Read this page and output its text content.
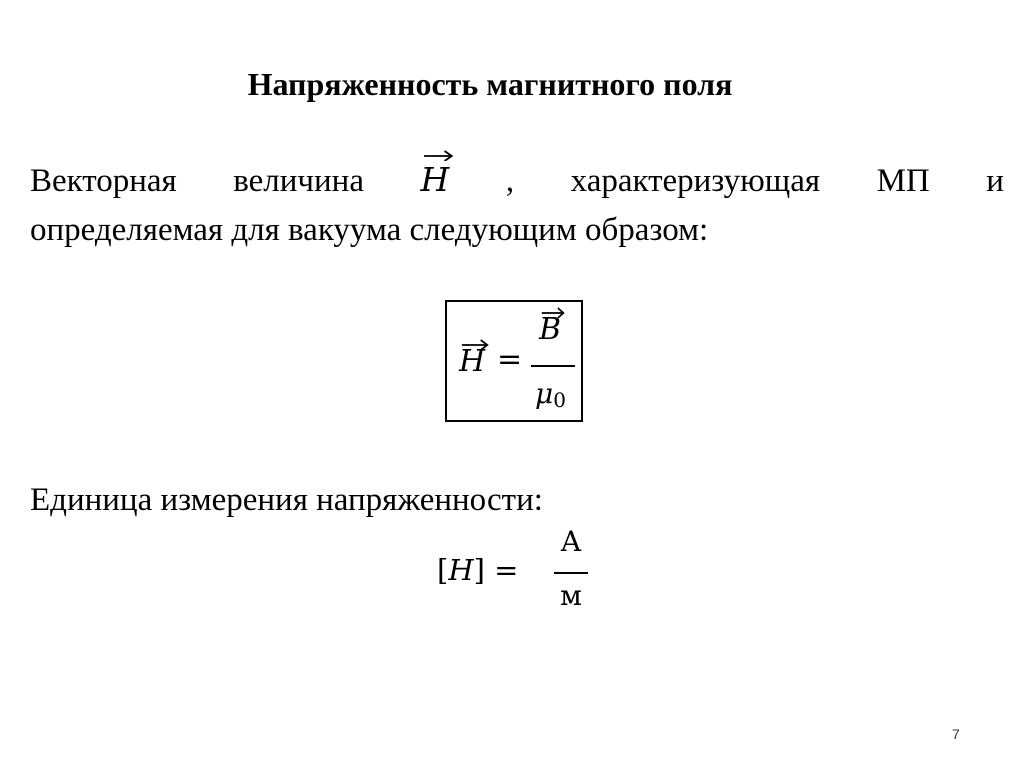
Напряженность магнитного поля
Векторная величина H , характеризующая МП и
определяемая для вакуума следующим образом:
H =
B
$\mu_0$
Единица измерения напряженности:
[H] =
А
м
7
